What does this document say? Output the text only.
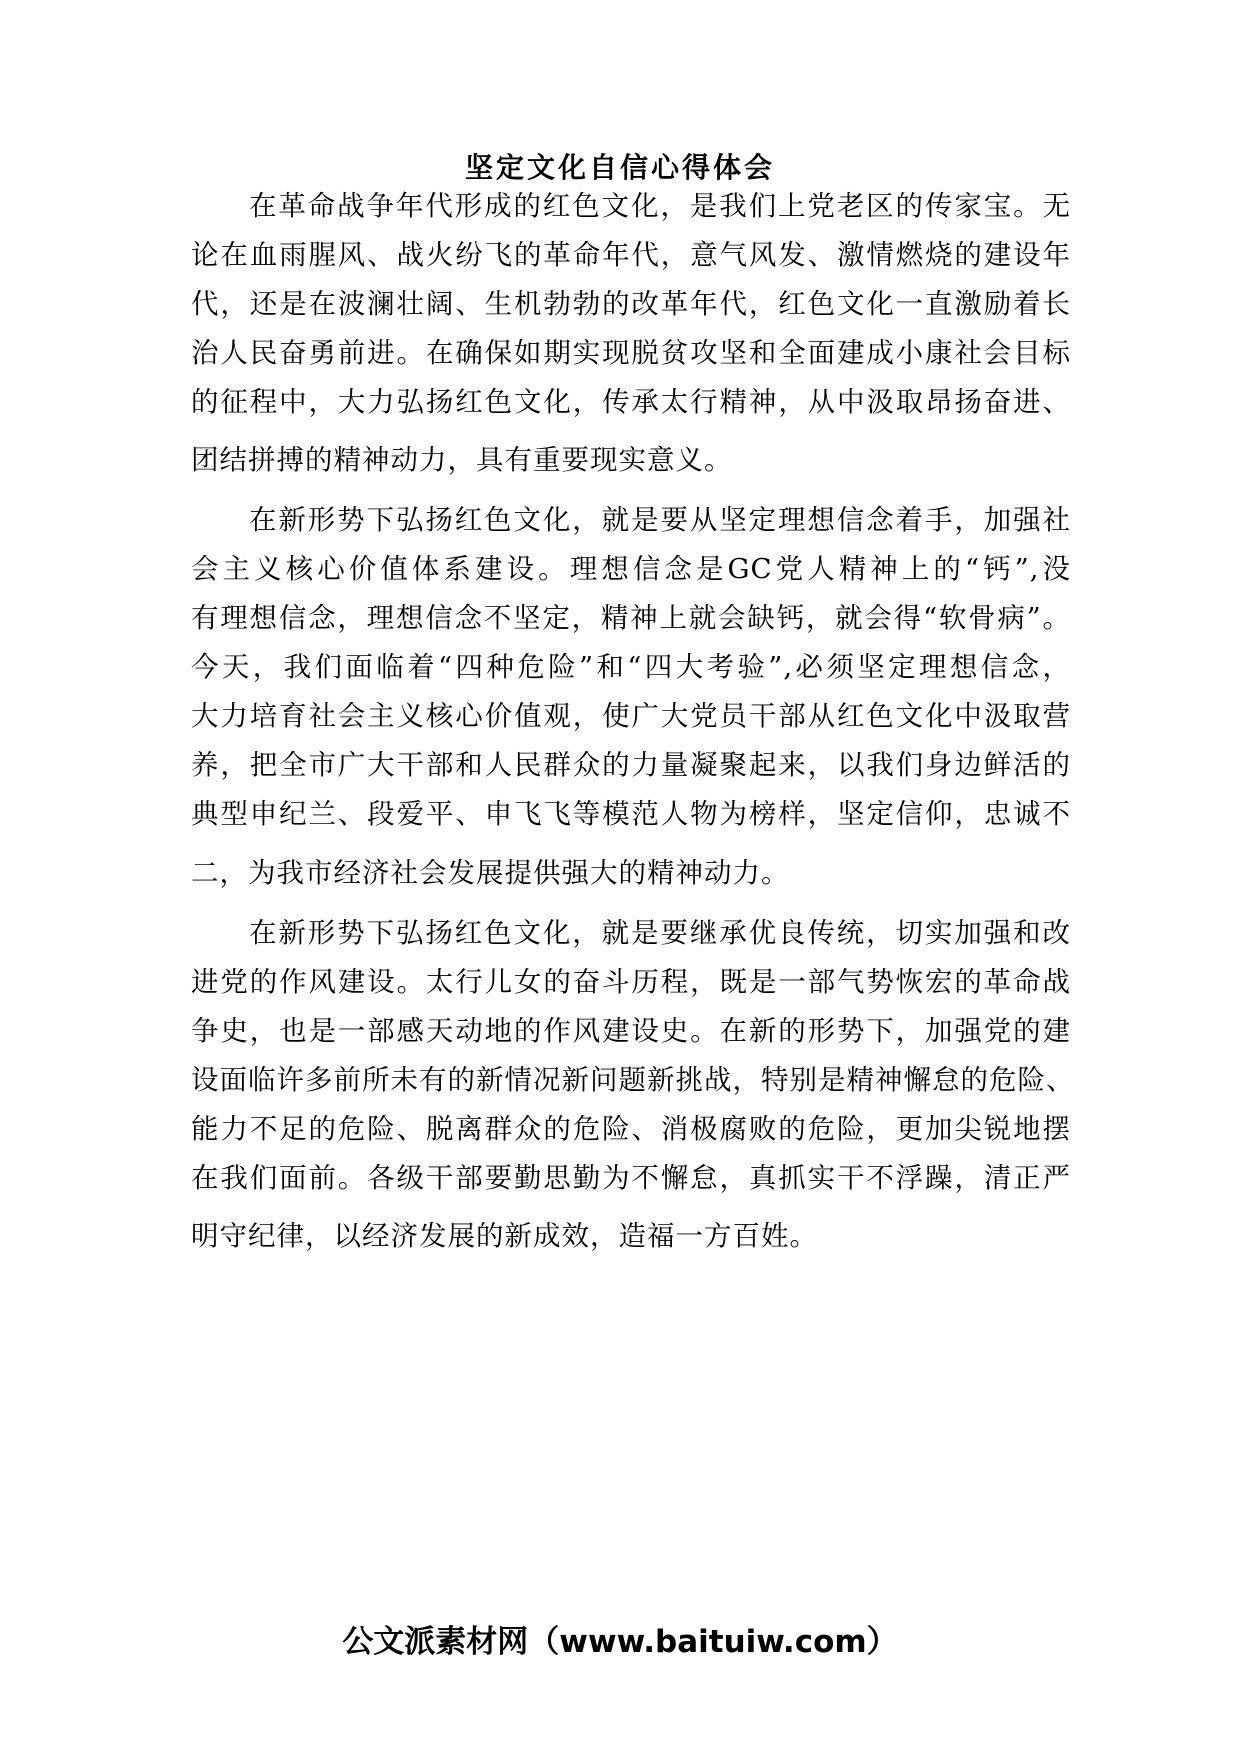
坚定文化自信心得体会
在革命战争年代形成的红色文化，是我们上党老区的传家宝。无
论在血雨腥风、战火纷飞的革命年代，意气风发、激情燃烧的建设年
代，还是在波澜壮阔、生机勃勃的改革年代，红色文化一直激励着长
治人民奋勇前进。在确保如期实现脱贫攻坚和全面建成小康社会目标
的征程中，大力弘扬红色文化，传承太行精神，从中汲取昂扬奋进、
团结拼搏的精神动力，具有重要现实意义。
在新形势下弘扬红色文化，就是要从坚定理想信念着手，加强社
会主义核心价值体系建设。理想信念是GC党人精神上的“钙”,没
有理想信念，理想信念不坚定，精神上就会缺钙，就会得“软骨病”。
今天，我们面临着“四种危险”和“四大考验”,必须坚定理想信念，
大力培育社会主义核心价值观，使广大党员干部从红色文化中汲取营
养，把全市广大干部和人民群众的力量凝聚起来，以我们身边鲜活的
典型申纪兰、段爱平、申飞飞等模范人物为榜样，坚定信仰，忠诚不
二，为我市经济社会发展提供强大的精神动力。
在新形势下弘扬红色文化，就是要继承优良传统，切实加强和改
进党的作风建设。太行儿女的奋斗历程，既是一部气势恢宏的革命战
争史，也是一部感天动地的作风建设史。在新的形势下，加强党的建
设面临许多前所未有的新情况新问题新挑战，特别是精神懈怠的危险、
能力不足的危险、脱离群众的危险、消极腐败的危险，更加尖锐地摆
在我们面前。各级干部要勤思勤为不懈怠，真抓实干不浮躁，清正严
明守纪律，以经济发展的新成效，造福一方百姓。
公文派素材网（www.baituiw.com）
